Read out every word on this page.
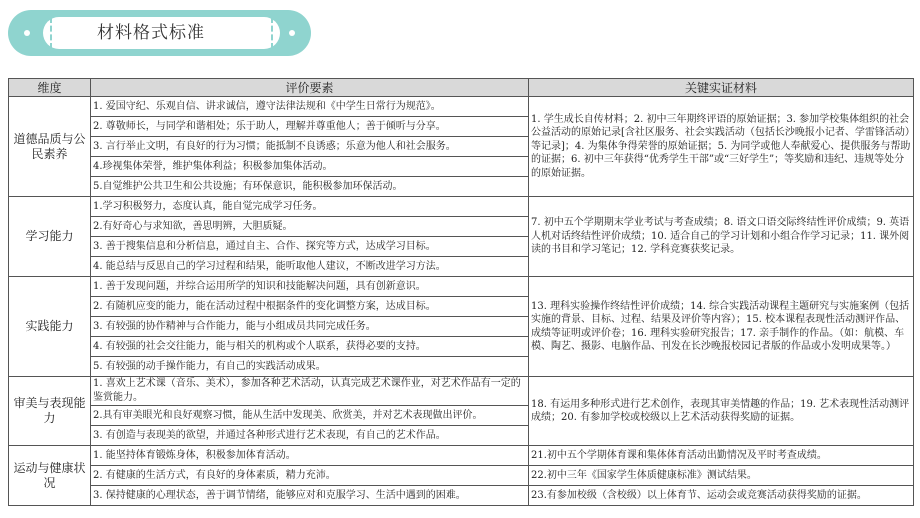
材料格式标准
维度	评价要素	关键实证材料
道德品质与公民素养	1. 爱国守纪、乐观自信、讲求诚信，遵守法律法规和《中学生日常行为规范》。	1. 学生成长自传材料；2. 初中三年期终评语的原始证据；3. 参加学校集体组织的社会公益活动的原始记录[含社区服务、社会实践活动（包括长沙晚报小记者、学雷锋活动）等记录]；4. 为集体争得荣誉的原始证据；5. 为同学或他人奉献爱心、提供服务与帮助的证据；6. 初中三年获得“优秀学生干部”或“三好学生”；等奖励和违纪、违规等处分的原始证据。
	2. 尊敬师长，与同学和谐相处；乐于助人，理解并尊重他人；善于倾听与分享。	
	3. 言行举止文明，有良好的行为习惯；能抵制不良诱惑；乐意为他人和社会服务。	
	4.珍视集体荣誉，维护集体利益；积极参加集体活动。	
	5.自觉维护公共卫生和公共设施；有环保意识，能积极参加环保活动。	
学习能力	1.学习积极努力，态度认真，能自觉完成学习任务。	7. 初中五个学期期末学业考试与考查成绩；8. 语文口语交际终结性评价成绩；9. 英语人机对话终结性评价成绩；10. 适合自己的学习计划和小组合作学习记录；11. 课外阅读的书目和学习笔记；12. 学科竞赛获奖记录。
	2.有好奇心与求知欲，善思明辨，大胆质疑。	
	3. 善于搜集信息和分析信息，通过自主、合作、探究等方式，达成学习目标。	
	4. 能总结与反思自己的学习过程和结果，能听取他人建议，不断改进学习方法。	
实践能力	1. 善于发现问题，并综合运用所学的知识和技能解决问题，具有创新意识。	13. 理科实验操作终结性评价成绩；14. 综合实践活动课程主题研究与实施案例（包括实施的背景、目标、过程、结果及评价等内容）；15. 校本课程表现性活动测评作品、成绩等证明或评价卷；16. 理科实验研究报告；17. 亲手制作的作品。（如：航模、车模、陶艺、摄影、电脑作品、刊发在长沙晚报校园记者版的作品或小发明成果等。）
	2. 有随机应变的能力，能在活动过程中根据条件的变化调整方案，达成目标。	
	3. 有较强的协作精神与合作能力，能与小组成员共同完成任务。	
	4. 有较强的社会交往能力，能与相关的机构或个人联系，获得必要的支持。	
	5. 有较强的动手操作能力，有自己的实践活动成果。	
审美与表现能力	1. 喜欢上艺术课（音乐、美术），参加各种艺术活动，认真完成艺术课作业，对艺术作品有一定的鉴赏能力。	18. 有运用多种形式进行艺术创作，表现其审美情趣的作品；19. 艺术表现性活动测评成绩；20. 有参加学校或校级以上艺术活动获得奖励的证据。
	2.具有审美眼光和良好观察习惯，能从生活中发现美、欣赏美，并对艺术表现做出评价。	
	3. 有创造与表现美的欲望，并通过各种形式进行艺术表现，有自己的艺术作品。	
运动与健康状况	1. 能坚持体育锻炼身体，积极参加体育活动。	21.初中五个学期体育课和集体体育活动出勤情况及平时考查成绩。
	2. 有健康的生活方式，有良好的身体素质，精力充沛。	22.初中三年《国家学生体质健康标准》测试结果。
	3. 保持健康的心理状态，善于调节情绪，能够应对和克服学习、生活中遇到的困难。	23.有参加校级（含校级）以上体育节、运动会或竞赛活动获得奖励的证据。
